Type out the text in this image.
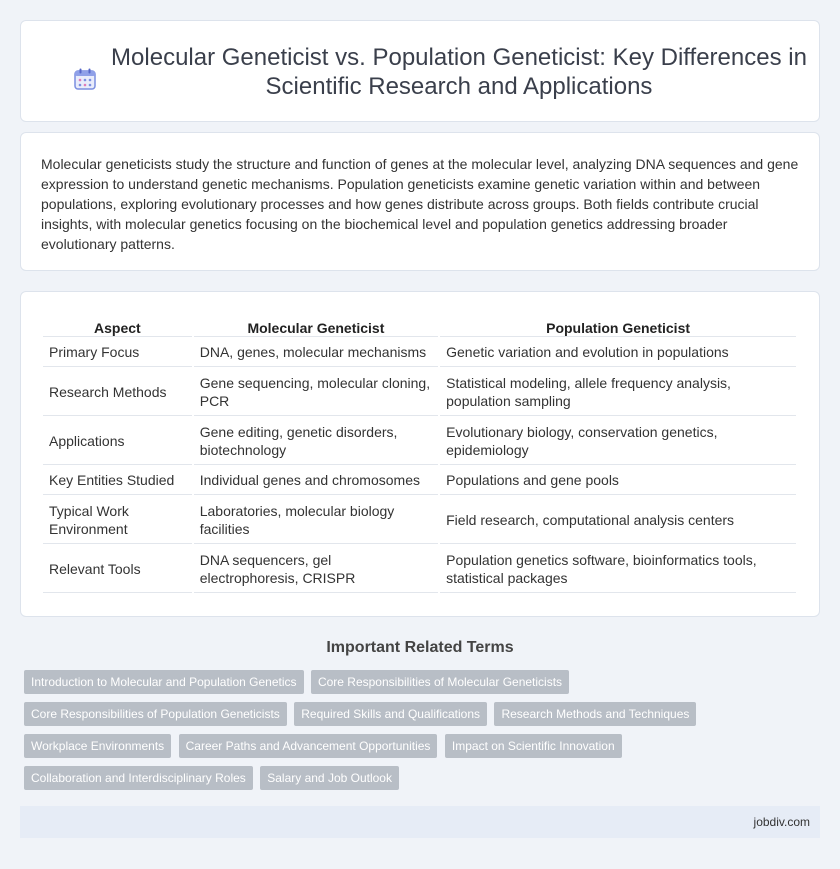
Molecular Geneticist vs. Population Geneticist: Key Differences in Scientific Research and Applications

Molecular geneticists study the structure and function of genes at the molecular level, analyzing DNA sequences and gene expression to understand genetic mechanisms. Population geneticists examine genetic variation within and between populations, exploring evolutionary processes and how genes distribute across groups. Both fields contribute crucial insights, with molecular genetics focusing on the biochemical level and population genetics addressing broader evolutionary patterns.

Aspect	Molecular Geneticist	Population Geneticist
Primary Focus	DNA, genes, molecular mechanisms	Genetic variation and evolution in populations
Research Methods	Gene sequencing, molecular cloning, PCR	Statistical modeling, allele frequency analysis, population sampling
Applications	Gene editing, genetic disorders, biotechnology	Evolutionary biology, conservation genetics, epidemiology
Key Entities Studied	Individual genes and chromosomes	Populations and gene pools
Typical Work Environment	Laboratories, molecular biology facilities	Field research, computational analysis centers
Relevant Tools	DNA sequencers, gel electrophoresis, CRISPR	Population genetics software, bioinformatics tools, statistical packages
Important Related Terms
Introduction to Molecular and Population Genetics Core Responsibilities of Molecular Geneticists
Core Responsibilities of Population Geneticists Required Skills and Qualifications Research Methods and Techniques
Workplace Environments Career Paths and Advancement Opportunities Impact on Scientific Innovation
Collaboration and Interdisciplinary Roles Salary and Job Outlook
jobdiv.com
